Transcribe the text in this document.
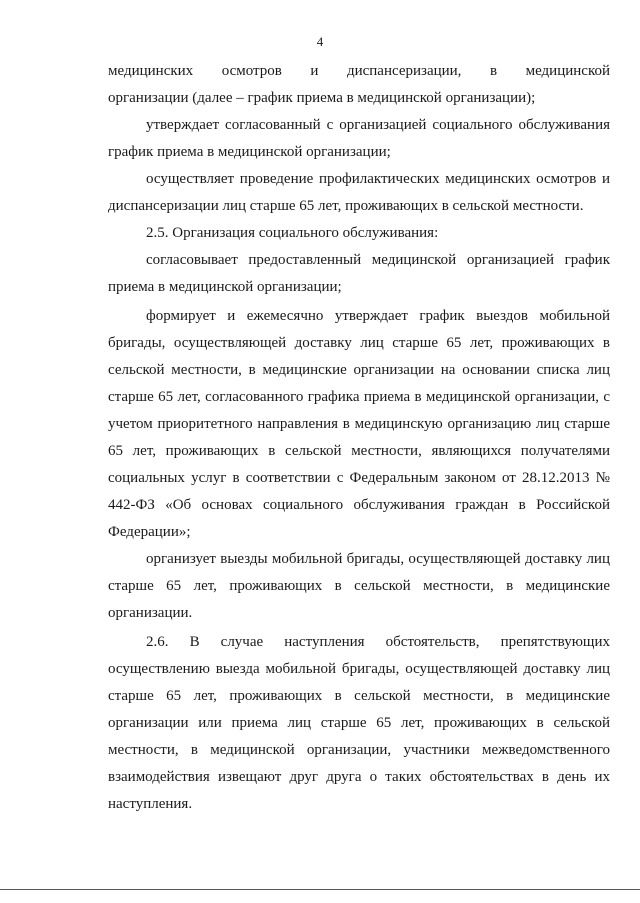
4
медицинских осмотров и диспансеризации, в медицинской
организации (далее – график приема в медицинской организации);
утверждает согласованный с организацией социального обслуживания
график приема в медицинской организации;
осуществляет проведение профилактических медицинских осмотров и
диспансеризации лиц старше 65 лет, проживающих в сельской местности.
2.5. Организация социального обслуживания:
согласовывает предоставленный медицинской организацией график
приема в медицинской организации;
формирует и ежемесячно утверждает график выездов мобильной
бригады, осуществляющей доставку лиц старше 65 лет, проживающих в
сельской местности, в медицинские организации на основании списка лиц
старше 65 лет, согласованного графика приема в медицинской организации, с
учетом приоритетного направления в медицинскую организацию лиц старше
65 лет, проживающих в сельской местности, являющихся получателями
социальных услуг в соответствии с Федеральным законом от 28.12.2013 №
442-ФЗ «Об основах социального обслуживания граждан в Российской
Федерации»;
организует выезды мобильной бригады, осуществляющей доставку лиц
старше 65 лет, проживающих в сельской местности, в медицинские
организации.
2.6. В случае наступления обстоятельств, препятствующих
осуществлению выезда мобильной бригады, осуществляющей доставку лиц
старше 65 лет, проживающих в сельской местности, в медицинские
организации или приема лиц старше 65 лет, проживающих в сельской
местности, в медицинской организации, участники межведомственного
взаимодействия извещают друг друга о таких обстоятельствах в день их
наступления.
